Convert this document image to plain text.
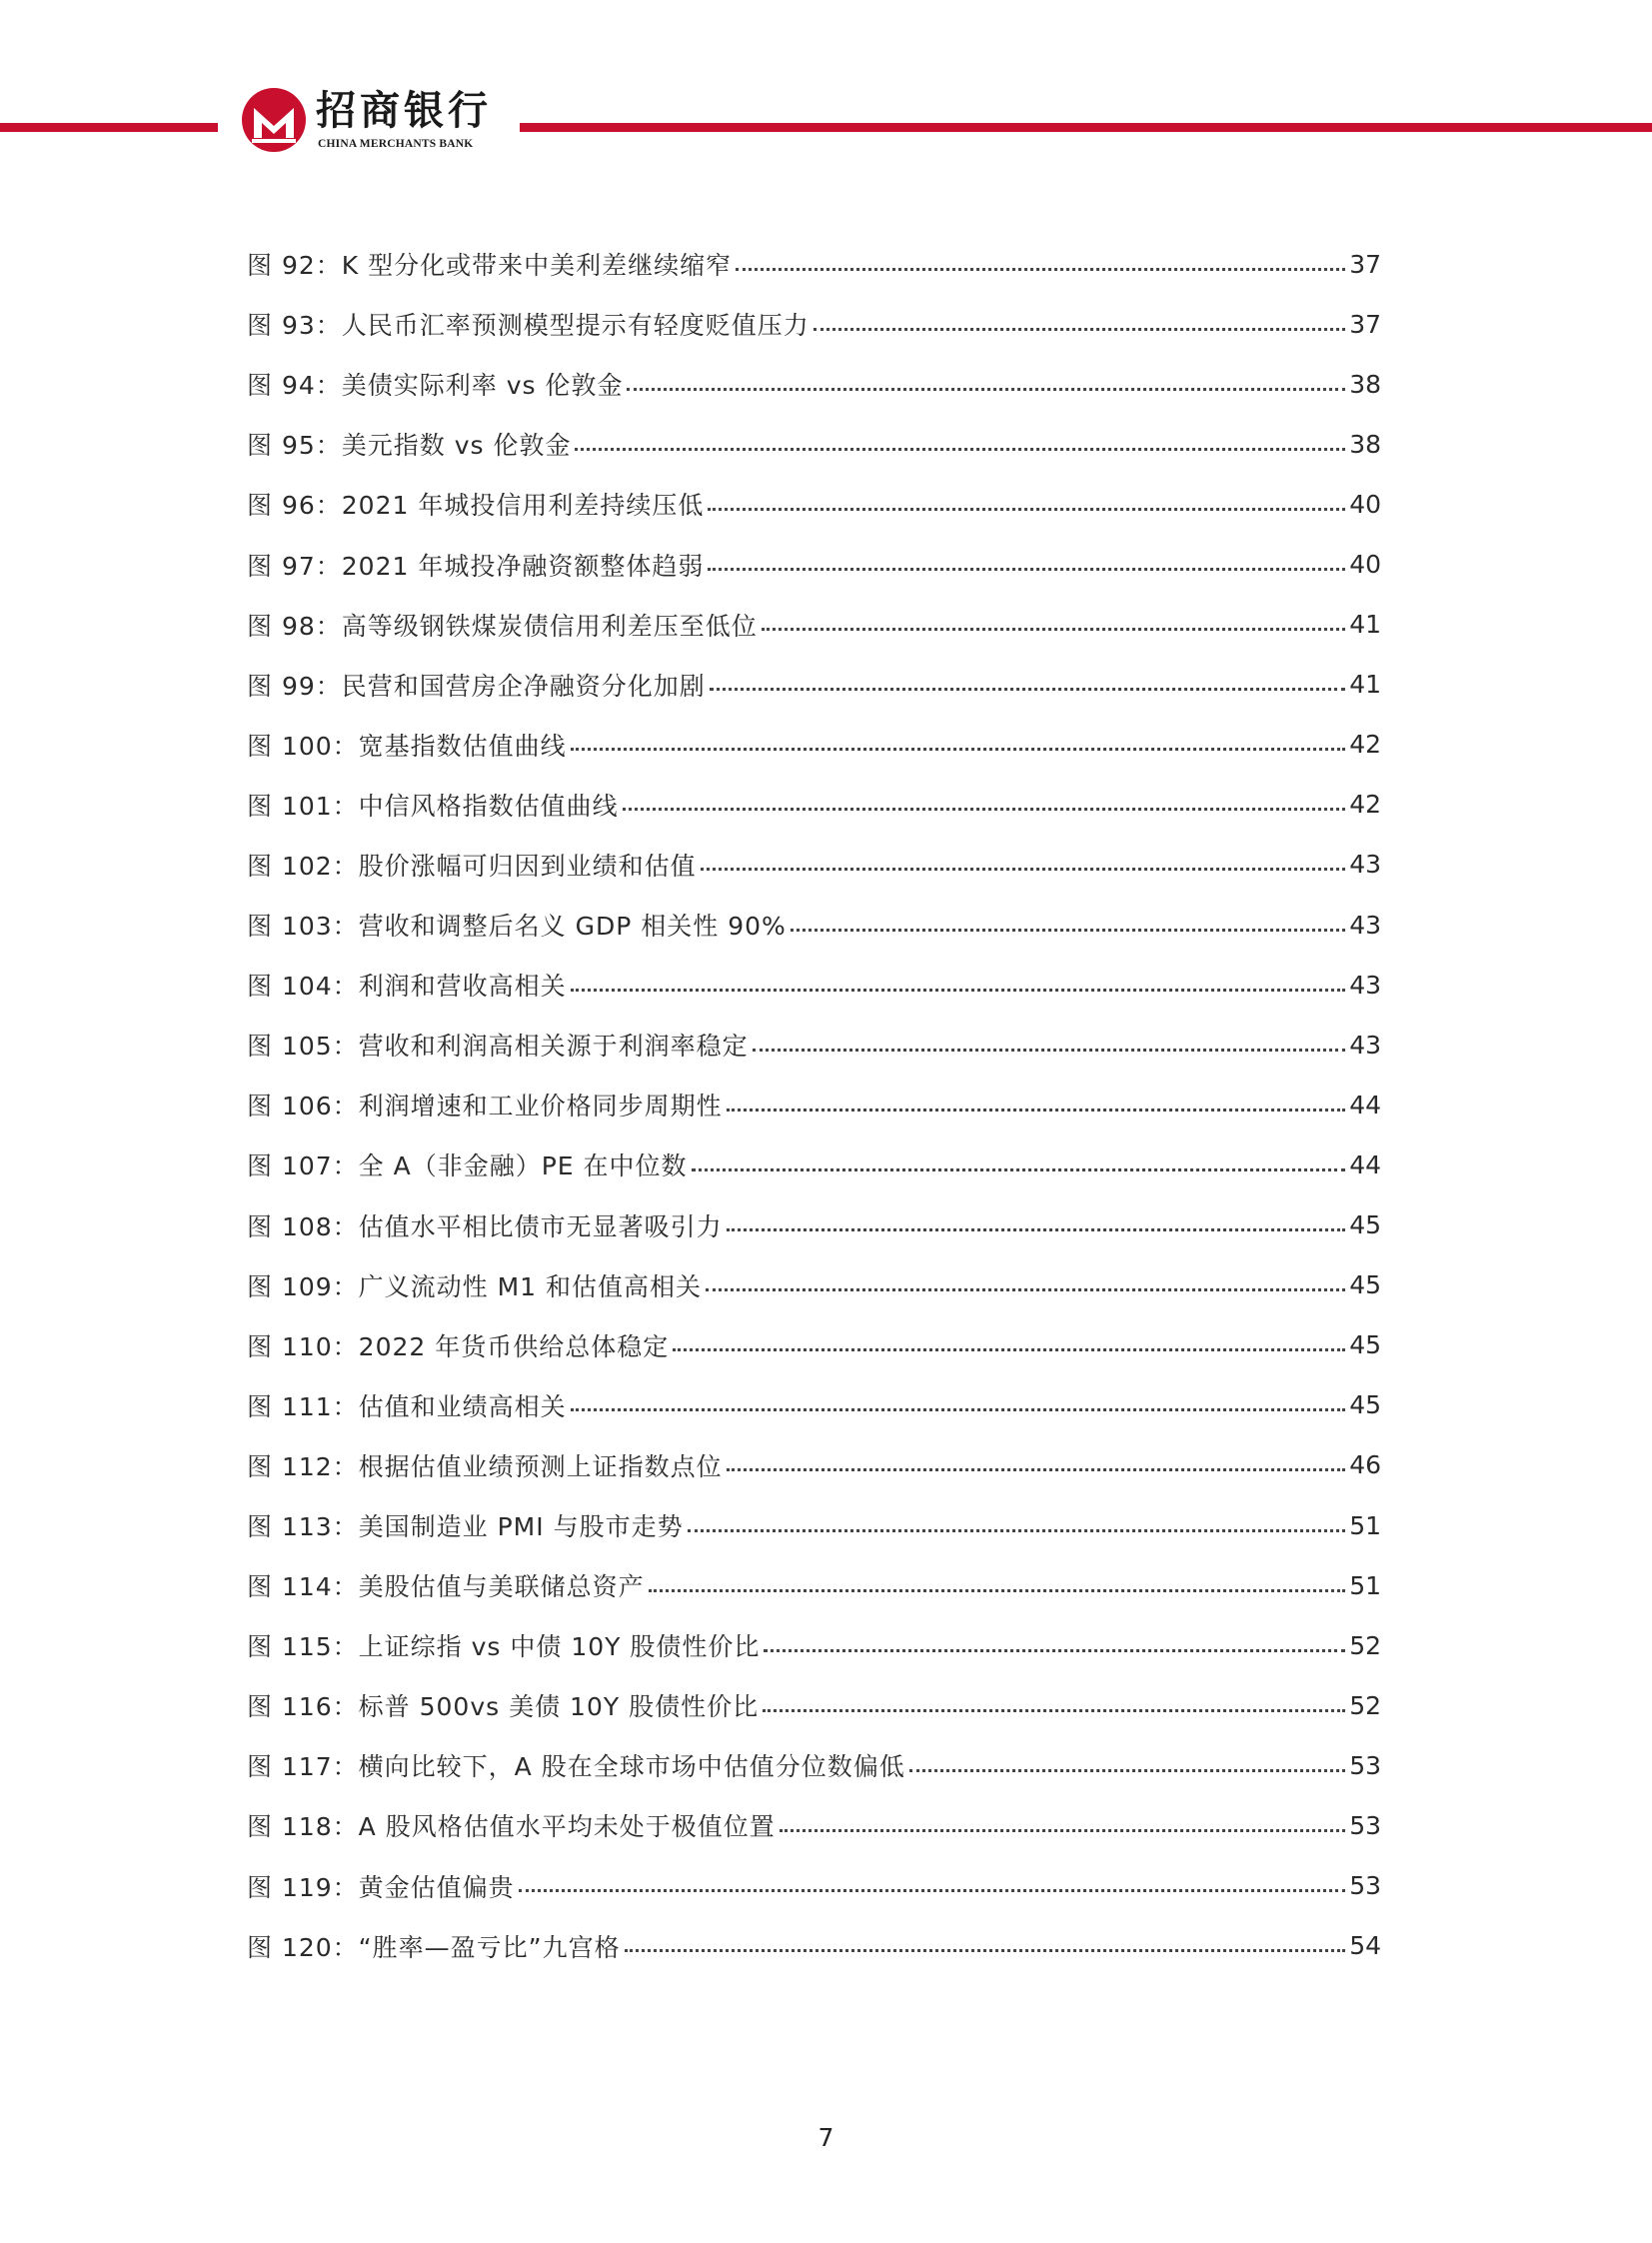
招商银行
CHINA MERCHANTS BANK
图 92：K 型分化或带来中美利差继续缩窄	37
图 93：人民币汇率预测模型提示有轻度贬值压力	37
图 94：美债实际利率 vs 伦敦金	38
图 95：美元指数 vs 伦敦金	38
图 96：2021 年城投信用利差持续压低	40
图 97：2021 年城投净融资额整体趋弱	40
图 98：高等级钢铁煤炭债信用利差压至低位	41
图 99：民营和国营房企净融资分化加剧	41
图 100：宽基指数估值曲线	42
图 101：中信风格指数估值曲线	42
图 102：股价涨幅可归因到业绩和估值	43
图 103：营收和调整后名义 GDP 相关性 90%	43
图 104：利润和营收高相关	43
图 105：营收和利润高相关源于利润率稳定	43
图 106：利润增速和工业价格同步周期性	44
图 107：全 A（非金融）PE 在中位数	44
图 108：估值水平相比债市无显著吸引力	45
图 109：广义流动性 M1 和估值高相关	45
图 110：2022 年货币供给总体稳定	45
图 111：估值和业绩高相关	45
图 112：根据估值业绩预测上证指数点位	46
图 113：美国制造业 PMI 与股市走势	51
图 114：美股估值与美联储总资产	51
图 115：上证综指 vs 中债 10Y 股债性价比	52
图 116：标普 500vs 美债 10Y 股债性价比	52
图 117：横向比较下，A 股在全球市场中估值分位数偏低	53
图 118：A 股风格估值水平均未处于极值位置	53
图 119：黄金估值偏贵	53
图 120：“胜率—盈亏比”九宫格	54
7
